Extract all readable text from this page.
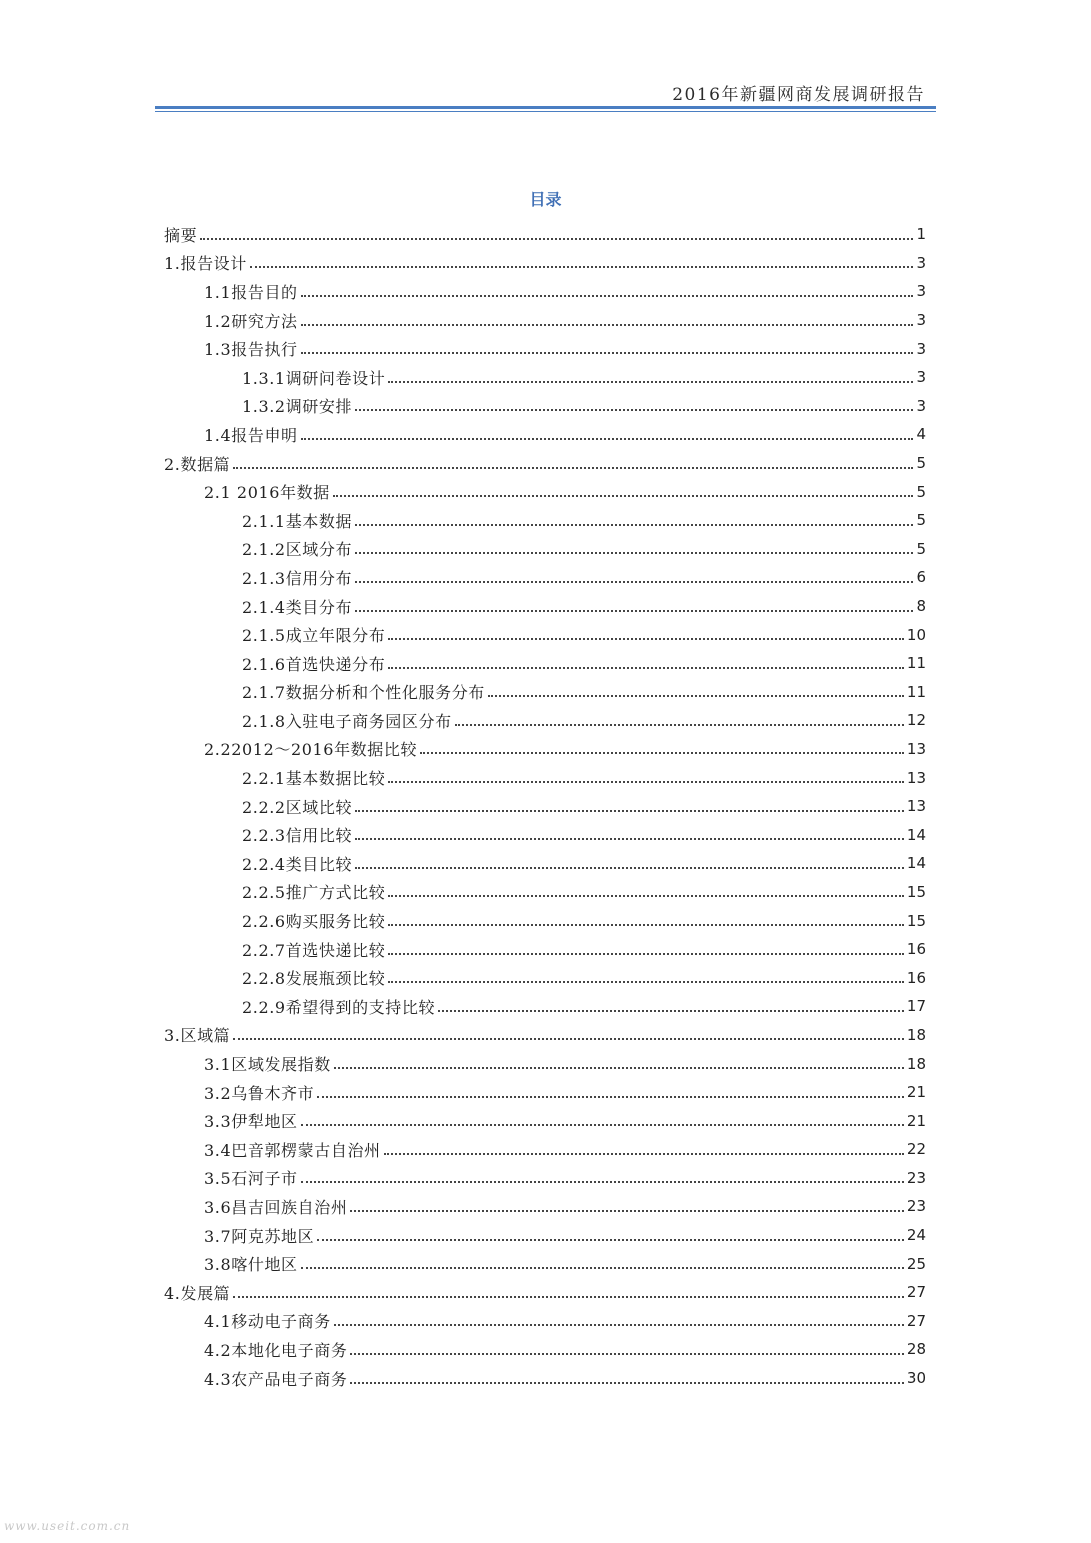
2016年新疆网商发展调研报告
目录
摘要	1
1.报告设计	3
1.1报告目的	3
1.2研究方法	3
1.3报告执行	3
1.3.1调研问卷设计	3
1.3.2调研安排	3
1.4报告申明	4
2.数据篇	5
2.1 2016年数据	5
2.1.1基本数据	5
2.1.2区域分布	5
2.1.3信用分布	6
2.1.4类目分布	8
2.1.5成立年限分布	10
2.1.6首选快递分布	11
2.1.7数据分析和个性化服务分布	11
2.1.8入驻电子商务园区分布	12
2.22012～2016年数据比较	13
2.2.1基本数据比较	13
2.2.2区域比较	13
2.2.3信用比较	14
2.2.4类目比较	14
2.2.5推广方式比较	15
2.2.6购买服务比较	15
2.2.7首选快递比较	16
2.2.8发展瓶颈比较	16
2.2.9希望得到的支持比较	17
3.区域篇	18
3.1区域发展指数	18
3.2乌鲁木齐市	21
3.3伊犁地区	21
3.4巴音郭楞蒙古自治州	22
3.5石河子市	23
3.6昌吉回族自治州	23
3.7阿克苏地区	24
3.8喀什地区	25
4.发展篇	27
4.1移动电子商务	27
4.2本地化电子商务	28
4.3农产品电子商务	30
www.useit.com.cn
